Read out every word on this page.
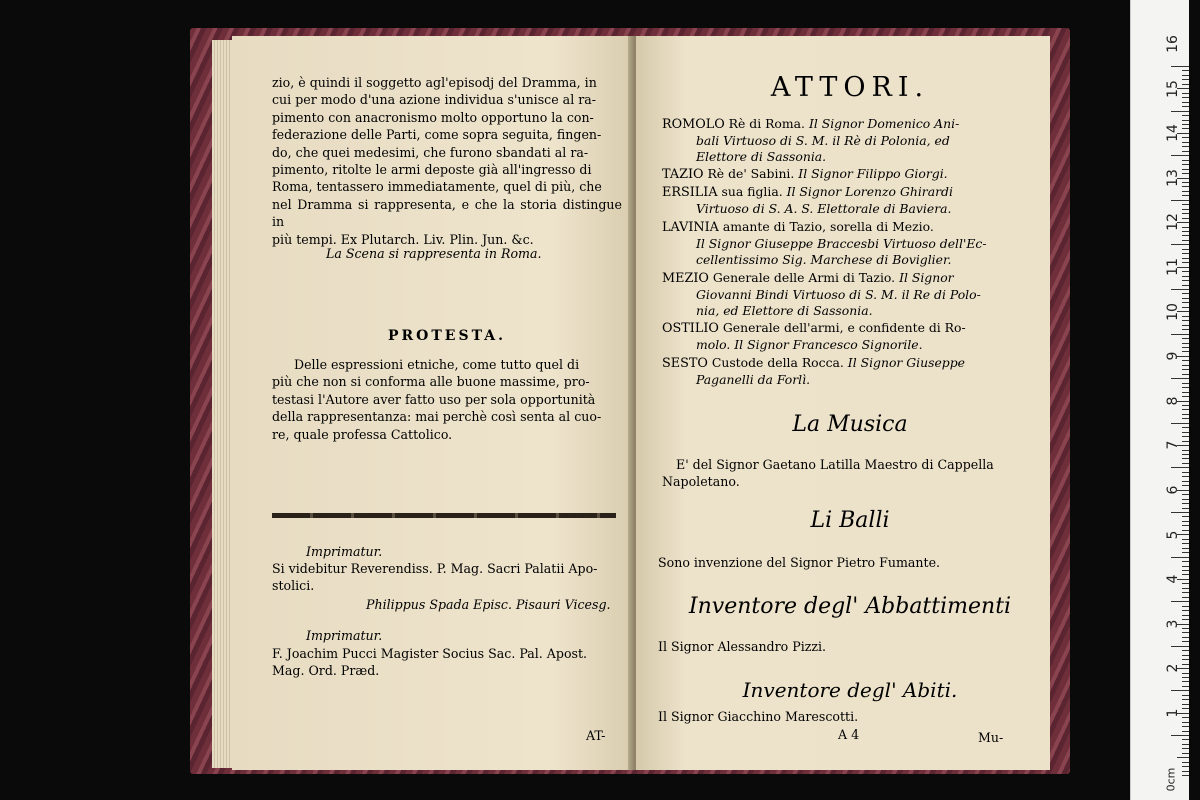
zio, è quindi il soggetto agl'episodj del Dramma, in
cui per modo d'una azione individua s'unisce al ra-
pimento con anacronismo molto opportuno la con-
federazione delle Parti, come sopra seguita, fingen-
do, che quei medesimi, che furono sbandati al ra-
pimento, ritolte le armi deposte già all'ingresso di
Roma, tentassero immediatamente, quel di più, che
nel Dramma si rappresenta, e che la storia distingue in
più tempi. Ex Plutarch. Liv. Plin. Jun. &c.
La Scena si rappresenta in Roma.
PROTESTA.
Delle espressioni etniche, come tutto quel di
più che non si conforma alle buone massime, pro-
testasi l'Autore aver fatto uso per sola opportunità
della rappresentanza: mai perchè così senta al cuo-
re, quale professa Cattolico.
Imprimatur.
Si videbitur Reverendiss. P. Mag. Sacri Palatii Apo-
stolici.
Philippus Spada Episc. Pisauri Vicesg.
Imprimatur.
F. Joachim Pucci Magister Socius Sac. Pal. Apost.
Mag. Ord. Præd.
AT-
ATTORI.
ROMOLO Rè di Roma. Il Signor Domenico Ani-
bali Virtuoso di S. M. il Rè di Polonia, ed
Elettore di Sassonia.
TAZIO Rè de' Sabini. Il Signor Filippo Giorgi.
ERSILIA sua figlia. Il Signor Lorenzo Ghirardi
Virtuoso di S. A. S. Elettorale di Baviera.
LAVINIA amante di Tazio, sorella di Mezio.
Il Signor Giuseppe Braccesbi Virtuoso dell'Ec-
cellentissimo Sig. Marchese di Boviglier.
MEZIO Generale delle Armi di Tazio. Il Signor
Giovanni Bindi Virtuoso di S. M. il Re di Polo-
nia, ed Elettore di Sassonia.
OSTILIO Generale dell'armi, e confidente di Ro-
molo. Il Signor Francesco Signorile.
SESTO Custode della Rocca. Il Signor Giuseppe
Paganelli da Forlì.
La Musica
E' del Signor Gaetano Latilla Maestro di Cappella
Napoletano.
Li Balli
Sono invenzione del Signor Pietro Fumante.
Inventore degl' Abbattimenti
Il Signor Alessandro Pizzi.
Inventore degl' Abiti.
Il Signor Giacchino Marescotti.
A 4	Mu-
0cm
16
15
14
13
12
11
10
9
8
7
6
5
4
3
2
1
